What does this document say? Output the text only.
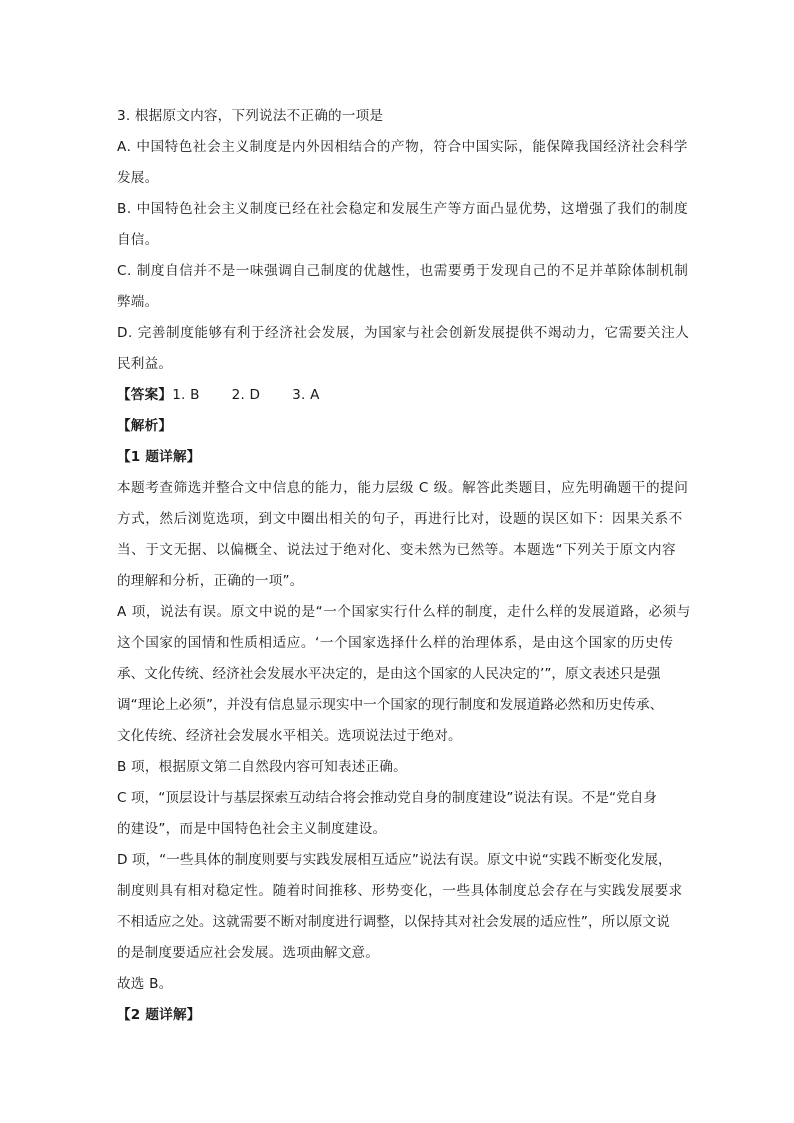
3. 根据原文内容，下列说法不正确的一项是
A. 中国特色社会主义制度是内外因相结合的产物，符合中国实际，能保障我国经济社会科学
发展。
B. 中国特色社会主义制度已经在社会稳定和发展生产等方面凸显优势，这增强了我们的制度
自信。
C. 制度自信并不是一味强调自己制度的优越性，也需要勇于发现自己的不足并革除体制机制
弊端。
D. 完善制度能够有利于经济社会发展，为国家与社会创新发展提供不竭动力，它需要关注人
民利益。
【答案】1. B 2. D 3. A
【解析】
【1 题详解】
本题考查筛选并整合文中信息的能力，能力层级 C 级。解答此类题目，应先明确题干的提问
方式，然后浏览选项，到文中圈出相关的句子，再进行比对，设题的误区如下：因果关系不
当、于文无据、以偏概全、说法过于绝对化、变未然为已然等。本题选“下列关于原文内容
的理解和分析，正确的一项”。
A 项，说法有误。原文中说的是“一个国家实行什么样的制度，走什么样的发展道路，必须与
这个国家的国情和性质相适应。‘一个国家选择什么样的治理体系，是由这个国家的历史传
承、文化传统、经济社会发展水平决定的，是由这个国家的人民决定的’”，原文表述只是强
调“理论上必须”，并没有信息显示现实中一个国家的现行制度和发展道路必然和历史传承、
文化传统、经济社会发展水平相关。选项说法过于绝对。
B 项，根据原文第二自然段内容可知表述正确。
C 项，“顶层设计与基层探索互动结合将会推动党自身的制度建设”说法有误。不是“党自身
的建设”，而是中国特色社会主义制度建设。
D 项，“一些具体的制度则要与实践发展相互适应”说法有误。原文中说“实践不断变化发展，
制度则具有相对稳定性。随着时间推移、形势变化，一些具体制度总会存在与实践发展要求
不相适应之处。这就需要不断对制度进行调整，以保持其对社会发展的适应性”，所以原文说
的是制度要适应社会发展。选项曲解文意。
故选 B。
【2 题详解】
